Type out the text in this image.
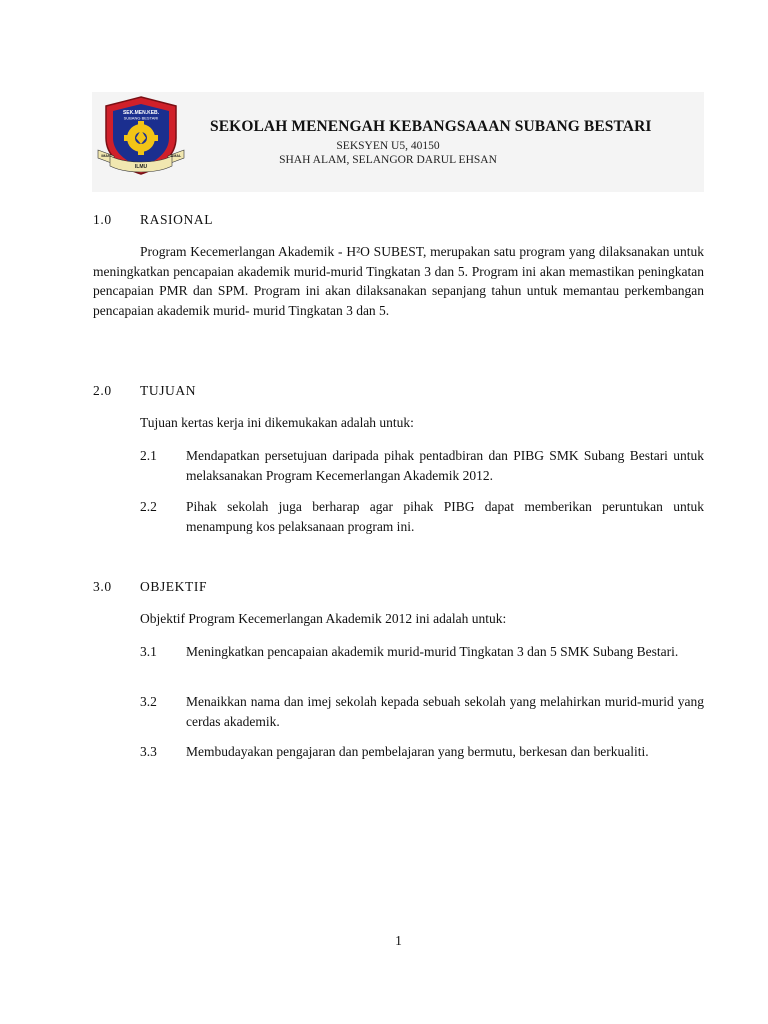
SEK.MEN.KEB.
SUBANG BESTARI
IMAN	AMAL
ILMU
SEKOLAH MENENGAH KEBANGSAAAN SUBANG BESTARI
SEKSYEN U5, 40150
SHAH ALAM, SELANGOR DARUL EHSAN
1.0 RASIONAL

Program Kecemerlangan Akademik - H²O SUBEST, merupakan satu program yang dilaksanakan untuk meningkatkan pencapaian akademik murid-murid Tingkatan 3 dan 5. Program ini akan memastikan peningkatan pencapaian PMR dan SPM. Program ini akan dilaksanakan sepanjang tahun untuk memantau perkembangan pencapaian akademik murid- murid Tingkatan 3 dan 5.

2.0 TUJUAN

Tujuan kertas kerja ini dikemukakan adalah untuk:

2.1 Mendapatkan persetujuan daripada pihak pentadbiran dan PIBG SMK Subang Bestari untuk melaksanakan Program Kecemerlangan Akademik 2012.
2.2 Pihak sekolah juga berharap agar pihak PIBG dapat memberikan peruntukan untuk menampung kos pelaksanaan program ini.
3.0 OBJEKTIF

Objektif Program Kecemerlangan Akademik 2012 ini adalah untuk:

3.1 Meningkatkan pencapaian akademik murid-murid Tingkatan 3 dan 5 SMK Subang Bestari.
3.2 Menaikkan nama dan imej sekolah kepada sebuah sekolah yang melahirkan murid-murid yang cerdas akademik.
3.3 Membudayakan pengajaran dan pembelajaran yang bermutu, berkesan dan berkualiti.
1
